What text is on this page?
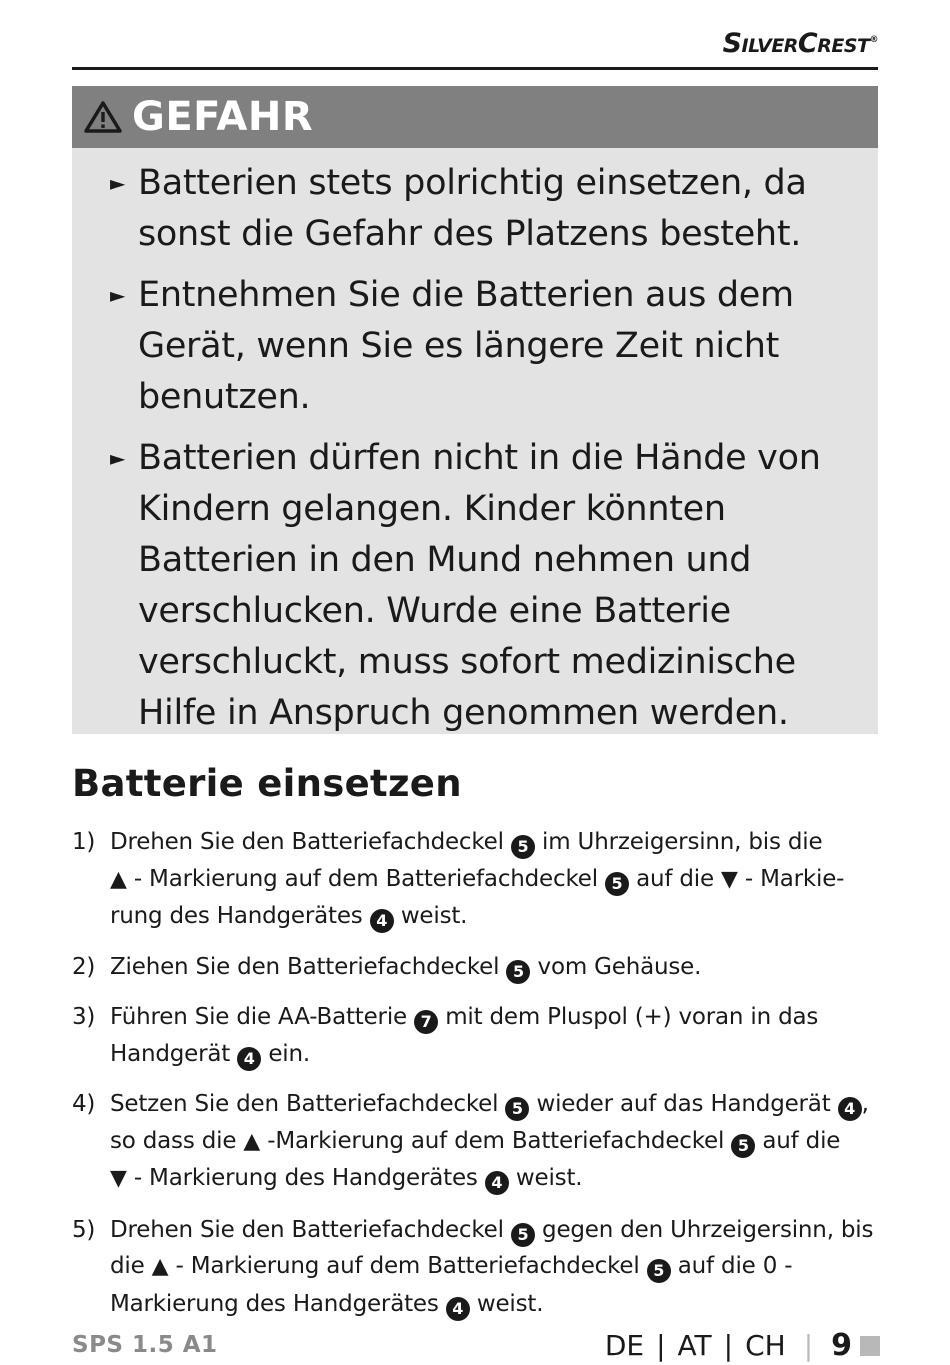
SilverCrest®
GEFAHR
► Batterien stets polrichtig einsetzen, da sonst die Gefahr des Platzens besteht.
► Entnehmen Sie die Batterien aus dem Gerät, wenn Sie es längere Zeit nicht benutzen.
► Batterien dürfen nicht in die Hände von Kindern gelangen. Kinder könnten Batterien in den Mund nehmen und verschlucken. Wurde eine Batterie verschluckt, muss sofort medizinische Hilfe in Anspruch genommen werden.
Batterie einsetzen
1) Drehen Sie den Batteriefachdeckel 5 im Uhrzeigersinn, bis die
▲ - Markierung auf dem Batteriefachdeckel 5 auf die ▼ - Markierung des Handgerätes 4 weist.
2) Ziehen Sie den Batteriefachdeckel 5 vom Gehäuse.
3) Führen Sie die AA-Batterie 7 mit dem Pluspol (+) voran in das Handgerät 4 ein.
4) Setzen Sie den Batteriefachdeckel 5 wieder auf das Handgerät 4 , so dass die ▲ -Markierung auf dem Batteriefachdeckel 5 auf die
▼ - Markierung des Handgerätes 4 weist.
5) Drehen Sie den Batteriefachdeckel 5 gegen den Uhrzeigersinn, bis die ▲ - Markierung auf dem Batteriefachdeckel 5 auf die 0 - Markierung des Handgerätes 4 weist.
SPS 1.5 A1	DE | AT | CH | 9
